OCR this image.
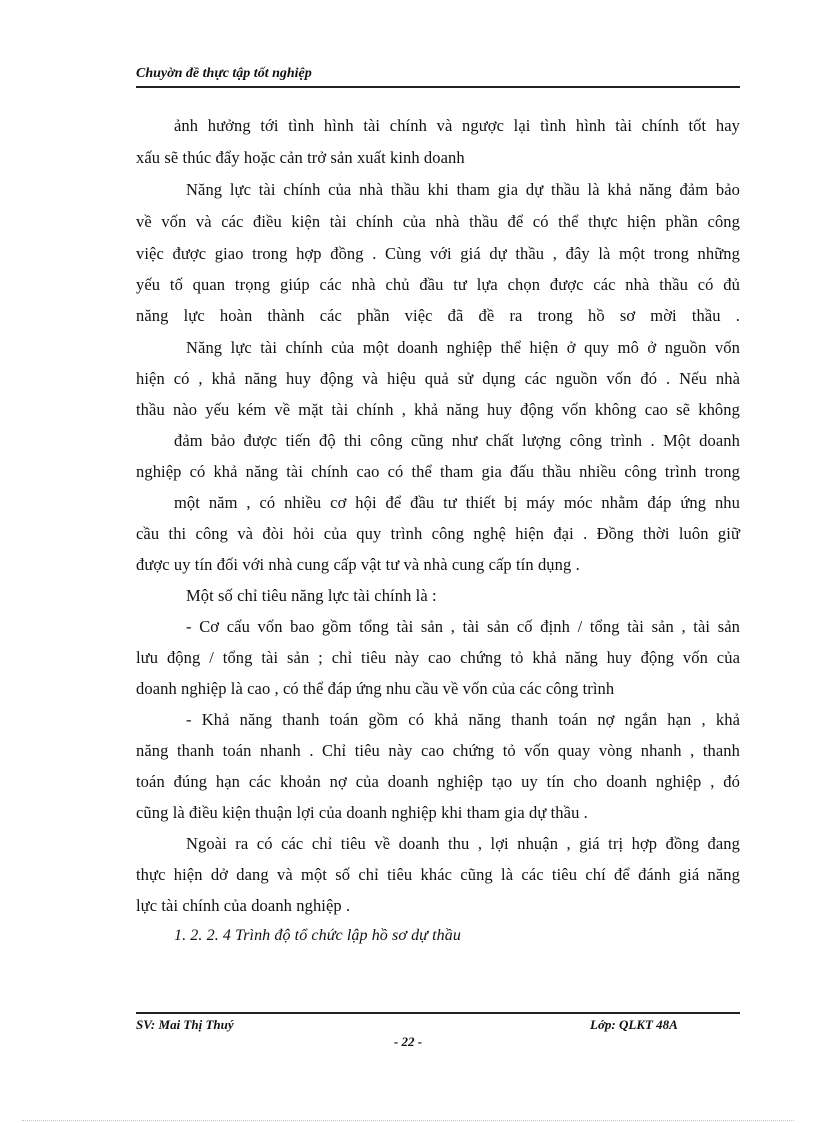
Chuyờn đề thực tập tốt nghiệp
ảnh hưởng tới tình hình tài chính và ngược lại tình hình tài chính tốt hay
xấu sẽ thúc đẩy hoặc cản trở sản xuất kinh doanh
Năng lực tài chính của nhà thầu khi tham gia dự thầu là khả năng đảm bảo
về vốn và các điều kiện tài chính của nhà thầu để có thể thực hiện phần công
việc được giao trong hợp đồng . Cùng với giá dự thầu , đây là một trong những
yếu tố quan trọng giúp các nhà chủ đầu tư lựa chọn được các nhà thầu có đủ
năng lực hoàn thành các phần việc đã đề ra trong hồ sơ mời thầu .
Năng lực tài chính của một doanh nghiệp thể hiện ở quy mô ở nguồn vốn
hiện có , khả năng huy động và hiệu quả sử dụng các nguồn vốn đó . Nếu nhà
thầu nào yếu kém về mặt tài chính , khả năng huy động vốn không cao sẽ không
đảm bảo được tiến độ thi công cũng như chất lượng công trình . Một doanh
nghiệp có khả năng tài chính cao có thể tham gia đấu thầu nhiều công trình trong
một năm , có nhiều cơ hội để đầu tư thiết bị máy móc nhằm đáp ứng nhu
cầu thi công và đòi hỏi của quy trình công nghệ hiện đại . Đồng thời luôn giữ
được uy tín đối với nhà cung cấp vật tư và nhà cung cấp tín dụng .
Một số chỉ tiêu năng lực tài chính là :
- Cơ cấu vốn bao gồm tổng tài sản , tài sản cố định / tổng tài sản , tài sản
lưu động / tổng tài sản ; chỉ tiêu này cao chứng tỏ khả năng huy động vốn của
doanh nghiệp là cao , có thể đáp ứng nhu cầu về vốn của các công trình
- Khả năng thanh toán gồm có khả năng thanh toán nợ ngắn hạn , khả
năng thanh toán nhanh . Chỉ tiêu này cao chứng tỏ vốn quay vòng nhanh , thanh
toán đúng hạn các khoản nợ của doanh nghiệp tạo uy tín cho doanh nghiệp , đó
cũng là điều kiện thuận lợi của doanh nghiệp khi tham gia dự thầu .
Ngoài ra có các chỉ tiêu về doanh thu , lợi nhuận , giá trị hợp đồng đang
thực hiện dở dang và một số chỉ tiêu khác cũng là các tiêu chí để đánh giá năng
lực tài chính của doanh nghiệp .
1. 2. 2. 4 Trình độ tổ chức lập hồ sơ dự thầu
SV: Mai Thị Thuý	Lớp: QLKT 48A
- 22 -
